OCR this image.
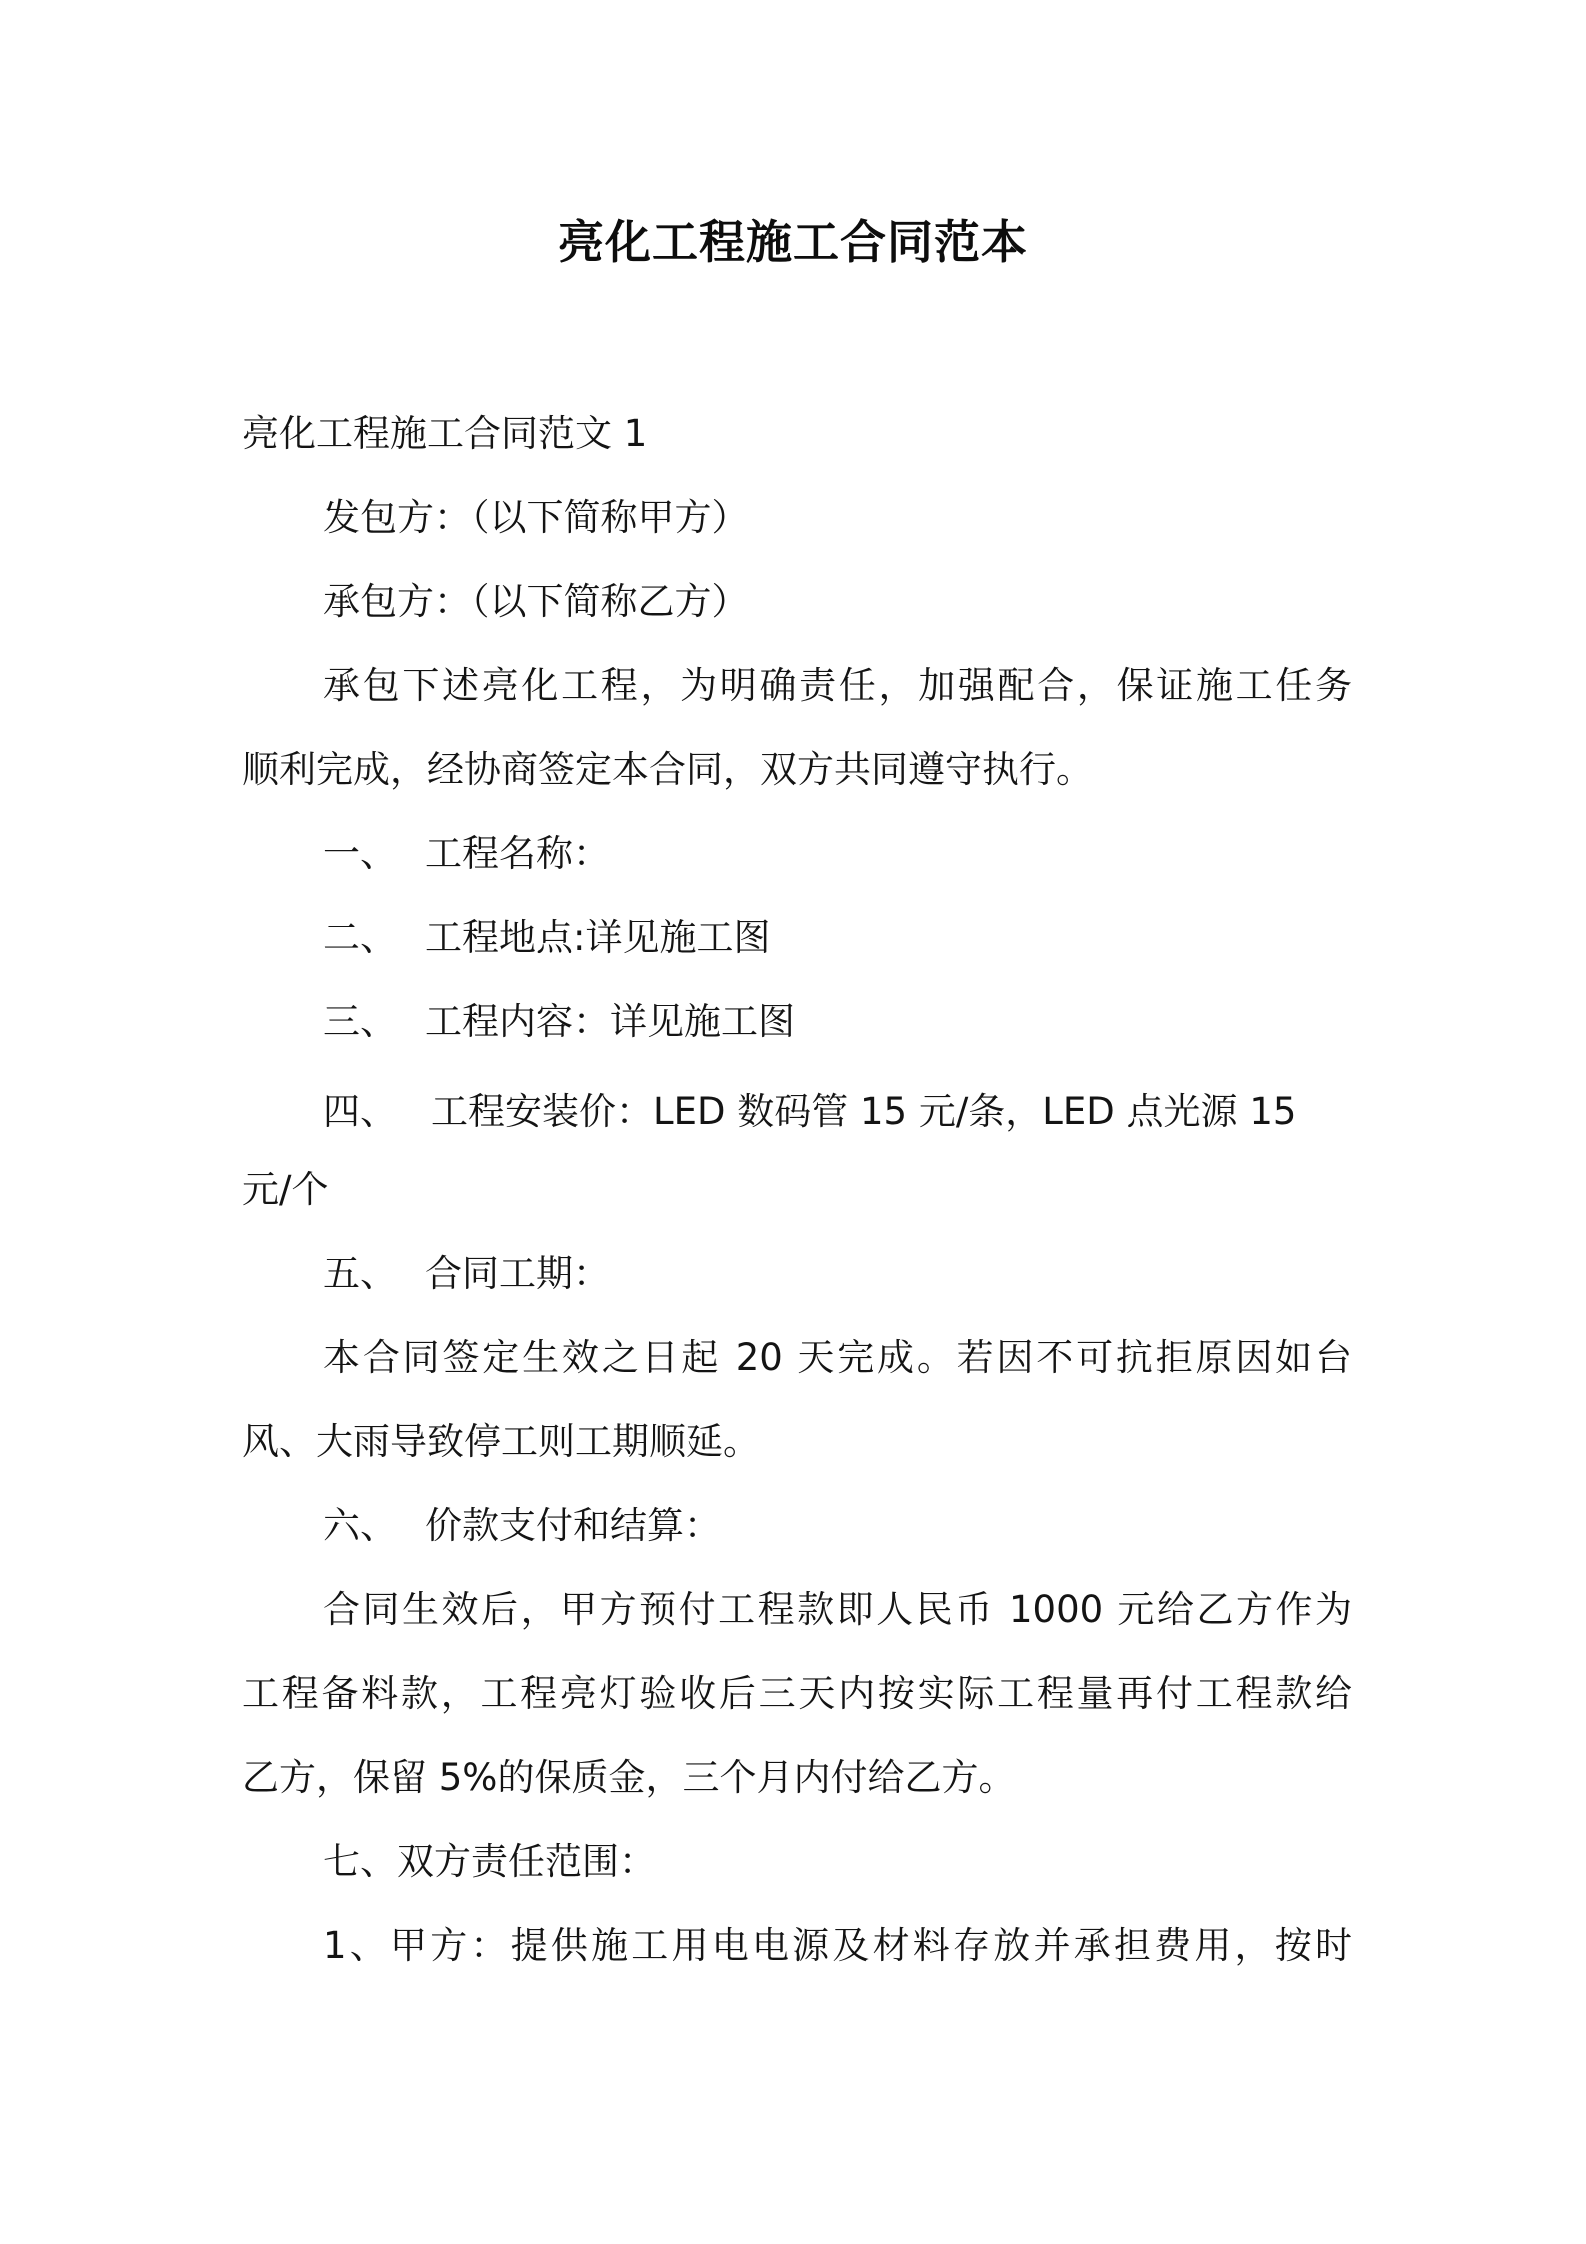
亮化工程施工合同范本
亮化工程施工合同范文 1
发包方：（以下简称甲方）
承包方：（以下简称乙方）
承包下述亮化工程，为明确责任，加强配合，保证施工任务
顺利完成，经协商签定本合同，双方共同遵守执行。
一、 工程名称：
二、 工程地点:详见施工图
三、 工程内容：详见施工图
四、 工程安装价：LED 数码管 15 元/条，LED 点光源 15
元/个
五、 合同工期：
本合同签定生效之日起 20 天完成。若因不可抗拒原因如台
风、大雨导致停工则工期顺延。
六、 价款支付和结算：
合同生效后，甲方预付工程款即人民币 1000 元给乙方作为
工程备料款，工程亮灯验收后三天内按实际工程量再付工程款给
乙方，保留 5%的保质金，三个月内付给乙方。
七、双方责任范围：
1、甲方：提供施工用电电源及材料存放并承担费用，按时
